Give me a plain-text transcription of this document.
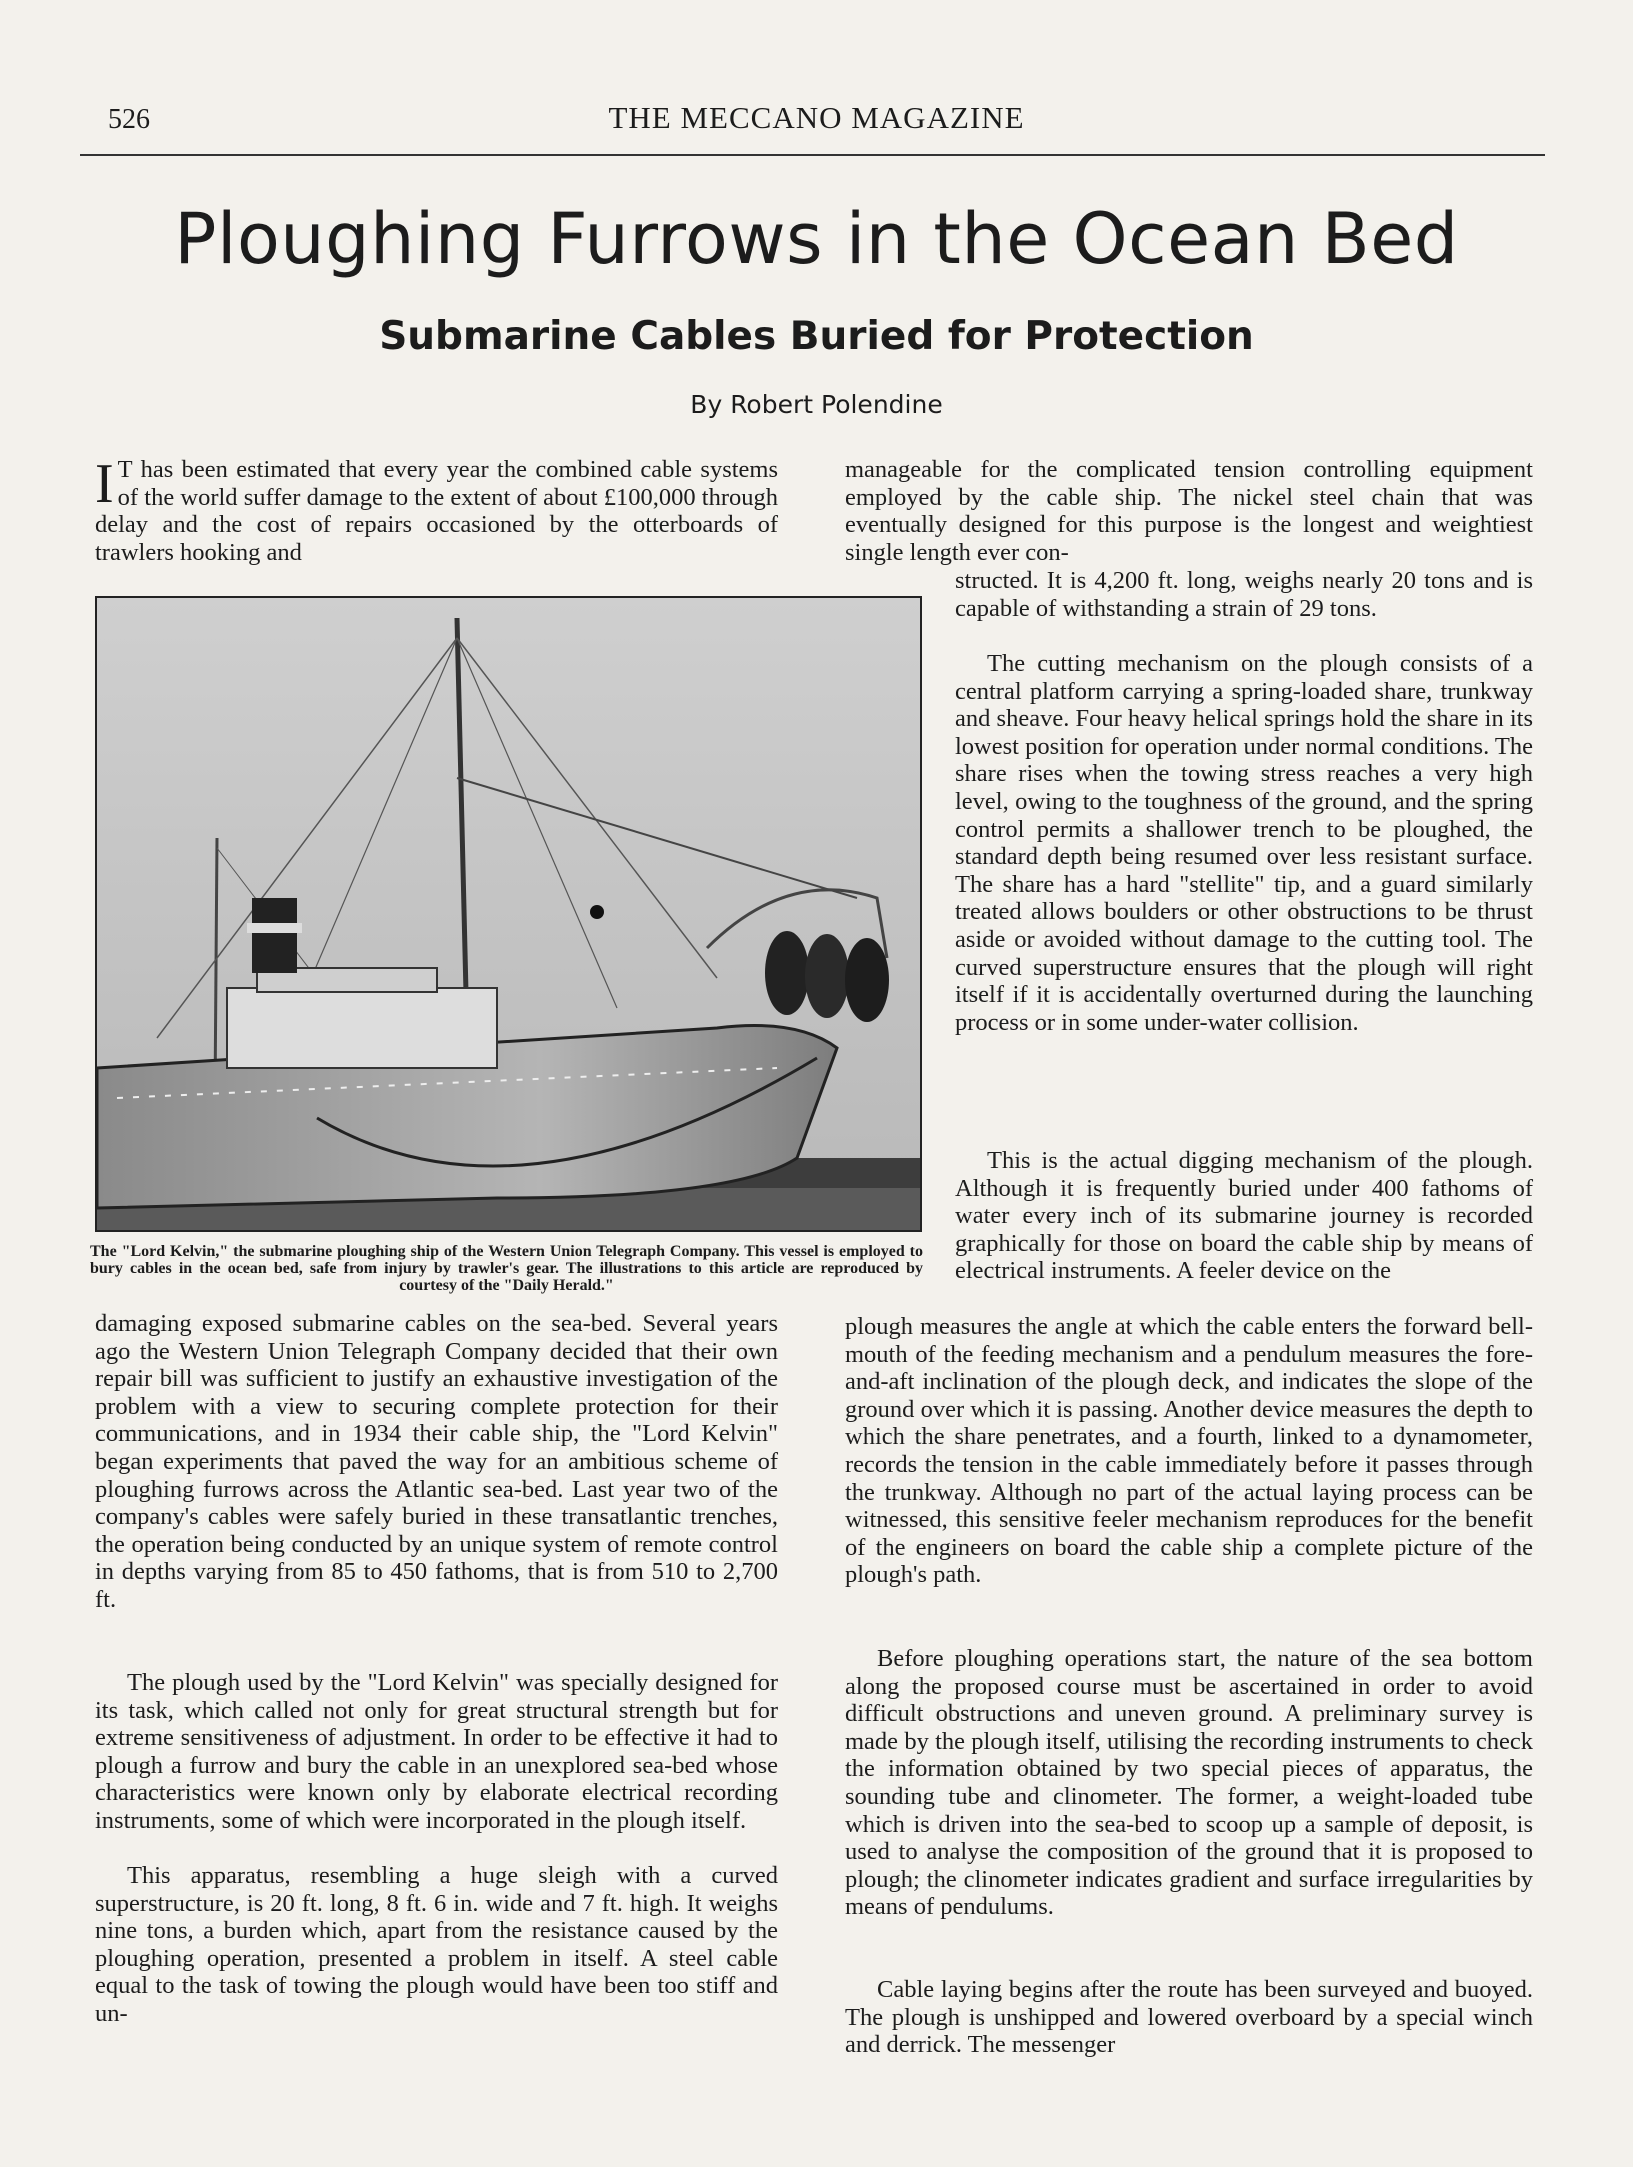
526	THE MECCANO MAGAZINE
Ploughing Furrows in the Ocean Bed
Submarine Cables Buried for Protection
By Robert Polendine

I T has been estimated that every year the combined cable systems of the world suffer damage to the extent of about £100,000 through delay and the cost of repairs occasioned by the otterboards of trawlers hooking and

The "Lord Kelvin," the submarine ploughing ship of the Western Union Telegraph Company. This vessel is employed to bury cables in the ocean bed, safe from injury by trawler's gear. The illustrations to this article are reproduced by courtesy of the "Daily Herald."

damaging exposed submarine cables on the sea-bed. Several years ago the Western Union Telegraph Company decided that their own repair bill was sufficient to justify an exhaustive investigation of the problem with a view to securing complete protection for their communications, and in 1934 their cable ship, the "Lord Kelvin" began experiments that paved the way for an ambitious scheme of ploughing furrows across the Atlantic sea-bed. Last year two of the company's cables were safely buried in these transatlantic trenches, the operation being conducted by an unique system of remote control in depths varying from 85 to 450 fathoms, that is from 510 to 2,700 ft.

The plough used by the "Lord Kelvin" was specially designed for its task, which called not only for great structural strength but for extreme sensitiveness of adjustment. In order to be effective it had to plough a furrow and bury the cable in an unexplored sea-bed whose characteristics were known only by elaborate electrical recording instruments, some of which were incorporated in the plough itself.

This apparatus, resembling a huge sleigh with a curved superstructure, is 20 ft. long, 8 ft. 6 in. wide and 7 ft. high. It weighs nine tons, a burden which, apart from the resistance caused by the ploughing operation, presented a problem in itself. A steel cable equal to the task of towing the plough would have been too stiff and un-

manageable for the complicated tension controlling equipment employed by the cable ship. The nickel steel chain that was eventually designed for this purpose is the longest and weightiest single length ever con-

structed. It is 4,200 ft. long, weighs nearly 20 tons and is capable of withstanding a strain of 29 tons.

The cutting mechanism on the plough consists of a central platform carrying a spring-loaded share, trunkway and sheave. Four heavy helical springs hold the share in its lowest position for operation under normal conditions. The share rises when the towing stress reaches a very high level, owing to the toughness of the ground, and the spring control permits a shallower trench to be ploughed, the standard depth being resumed over less resistant surface. The share has a hard "stellite" tip, and a guard similarly treated allows boulders or other obstructions to be thrust aside or avoided without damage to the cutting tool. The curved superstructure ensures that the plough will right itself if it is accidentally overturned during the launching process or in some under-water collision.

This is the actual digging mechanism of the plough. Although it is frequently buried under 400 fathoms of water every inch of its submarine journey is recorded graphically for those on board the cable ship by means of electrical instruments. A feeler device on the

plough measures the angle at which the cable enters the forward bell-mouth of the feeding mechanism and a pendulum measures the fore-and-aft inclination of the plough deck, and indicates the slope of the ground over which it is passing. Another device measures the depth to which the share penetrates, and a fourth, linked to a dynamometer, records the tension in the cable immediately before it passes through the trunkway. Although no part of the actual laying process can be witnessed, this sensitive feeler mechanism reproduces for the benefit of the engineers on board the cable ship a complete picture of the plough's path.

Before ploughing operations start, the nature of the sea bottom along the proposed course must be ascertained in order to avoid difficult obstructions and uneven ground. A preliminary survey is made by the plough itself, utilising the recording instruments to check the information obtained by two special pieces of apparatus, the sounding tube and clinometer. The former, a weight-loaded tube which is driven into the sea-bed to scoop up a sample of deposit, is used to analyse the composition of the ground that it is proposed to plough; the clinometer indicates gradient and surface irregularities by means of pendulums.

Cable laying begins after the route has been surveyed and buoyed. The plough is unshipped and lowered overboard by a special winch and derrick. The messenger
